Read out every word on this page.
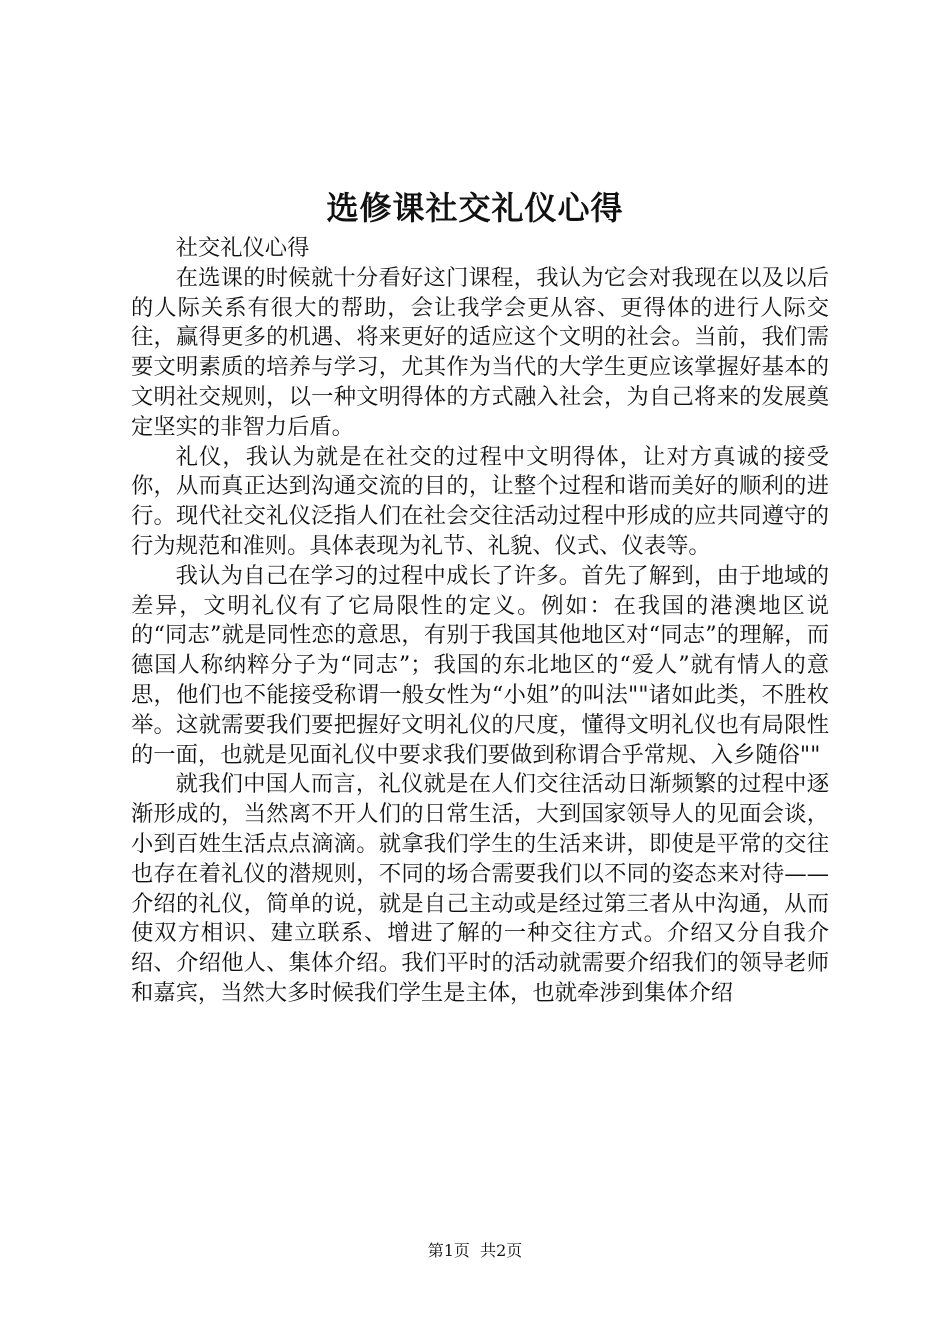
选修课社交礼仪心得

社交礼仪心得

在选课的时候就十分看好这门课程，我认为它会对我现在以及以后的人际关系有很大的帮助，会让我学会更从容、更得体的进行人际交往，赢得更多的机遇、将来更好的适应这个文明的社会。当前，我们需要文明素质的培养与学习，尤其作为当代的大学生更应该掌握好基本的文明社交规则，以一种文明得体的方式融入社会，为自己将来的发展奠定坚实的非智力后盾。

礼仪，我认为就是在社交的过程中文明得体，让对方真诚的接受你，从而真正达到沟通交流的目的，让整个过程和谐而美好的顺利的进行。现代社交礼仪泛指人们在社会交往活动过程中形成的应共同遵守的行为规范和准则。具体表现为礼节、礼貌、仪式、仪表等。

我认为自己在学习的过程中成长了许多。首先了解到，由于地域的差异，文明礼仪有了它局限性的定义。例如：在我国的港澳地区说的“同志”就是同性恋的意思，有别于我国其他地区对“同志”的理解，而德国人称纳粹分子为“同志”；我国的东北地区的“爱人”就有情人的意思，他们也不能接受称谓一般女性为“小姐”的叫法""诸如此类，不胜枚举。这就需要我们要把握好文明礼仪的尺度，懂得文明礼仪也有局限性的一面，也就是见面礼仪中要求我们要做到称谓合乎常规、入乡随俗""

就我们中国人而言，礼仪就是在人们交往活动日渐频繁的过程中逐渐形成的，当然离不开人们的日常生活，大到国家领导人的见面会谈，小到百姓生活点点滴滴。就拿我们学生的生活来讲，即使是平常的交往也存在着礼仪的潜规则，不同的场合需要我们以不同的姿态来对待——介绍的礼仪，简单的说，就是自己主动或是经过第三者从中沟通，从而使双方相识、建立联系、增进了解的一种交往方式。介绍又分自我介绍、介绍他人、集体介绍。我们平时的活动就需要介绍我们的领导老师和嘉宾，当然大多时候我们学生是主体，也就牵涉到集体介绍

第1页  共2页
